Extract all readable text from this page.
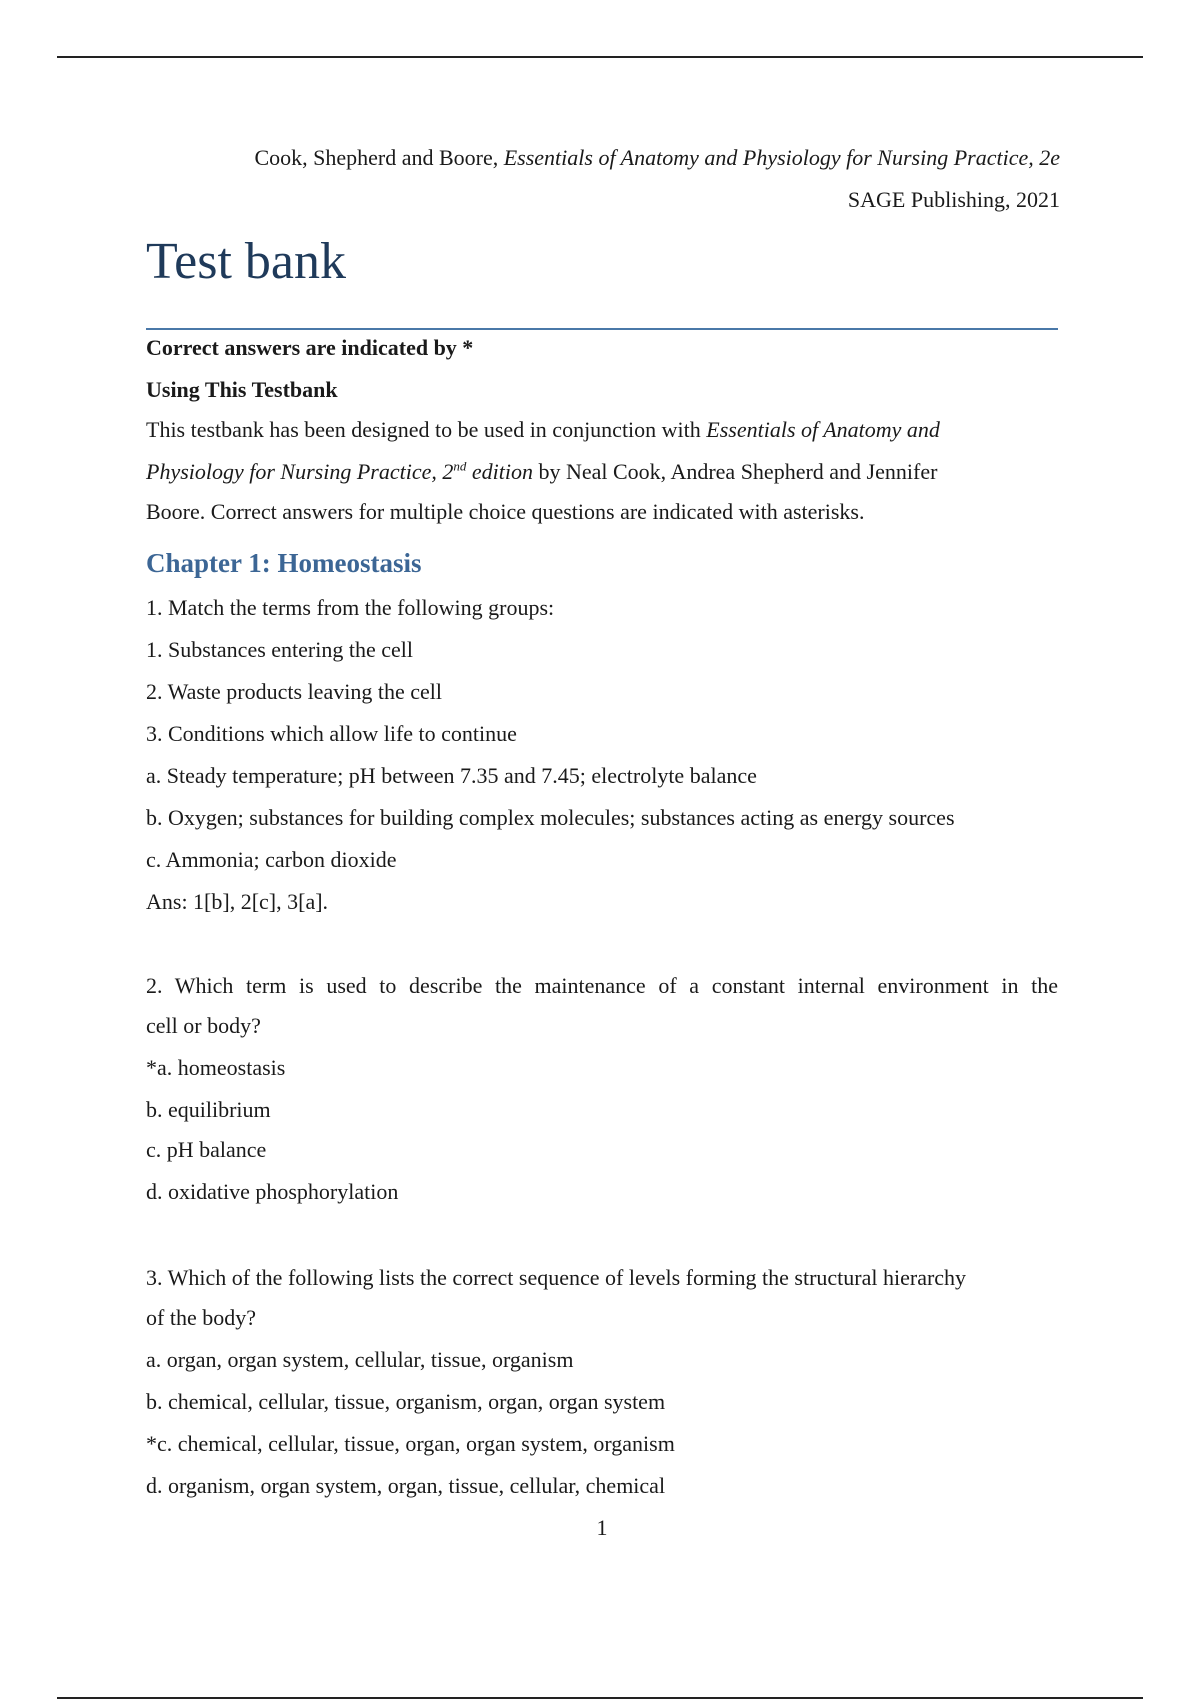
Cook, Shepherd and Boore, Essentials of Anatomy and Physiology for Nursing Practice, 2e
SAGE Publishing, 2021
Test bank
Correct answers are indicated by *
Using This Testbank
This testbank has been designed to be used in conjunction with Essentials of Anatomy and
Physiology for Nursing Practice, 2nd edition by Neal Cook, Andrea Shepherd and Jennifer
Boore. Correct answers for multiple choice questions are indicated with asterisks.
Chapter 1: Homeostasis
1. Match the terms from the following groups:
1. Substances entering the cell
2. Waste products leaving the cell
3. Conditions which allow life to continue
a. Steady temperature; pH between 7.35 and 7.45; electrolyte balance
b. Oxygen; substances for building complex molecules; substances acting as energy sources
c. Ammonia; carbon dioxide
Ans: 1[b], 2[c], 3[a].
2. Which term is used to describe the maintenance of a constant internal environment in the
cell or body?
*a. homeostasis
b. equilibrium
c. pH balance
d. oxidative phosphorylation
3. Which of the following lists the correct sequence of levels forming the structural hierarchy
of the body?
a. organ, organ system, cellular, tissue, organism
b. chemical, cellular, tissue, organism, organ, organ system
*c. chemical, cellular, tissue, organ, organ system, organism
d. organism, organ system, organ, tissue, cellular, chemical
1
